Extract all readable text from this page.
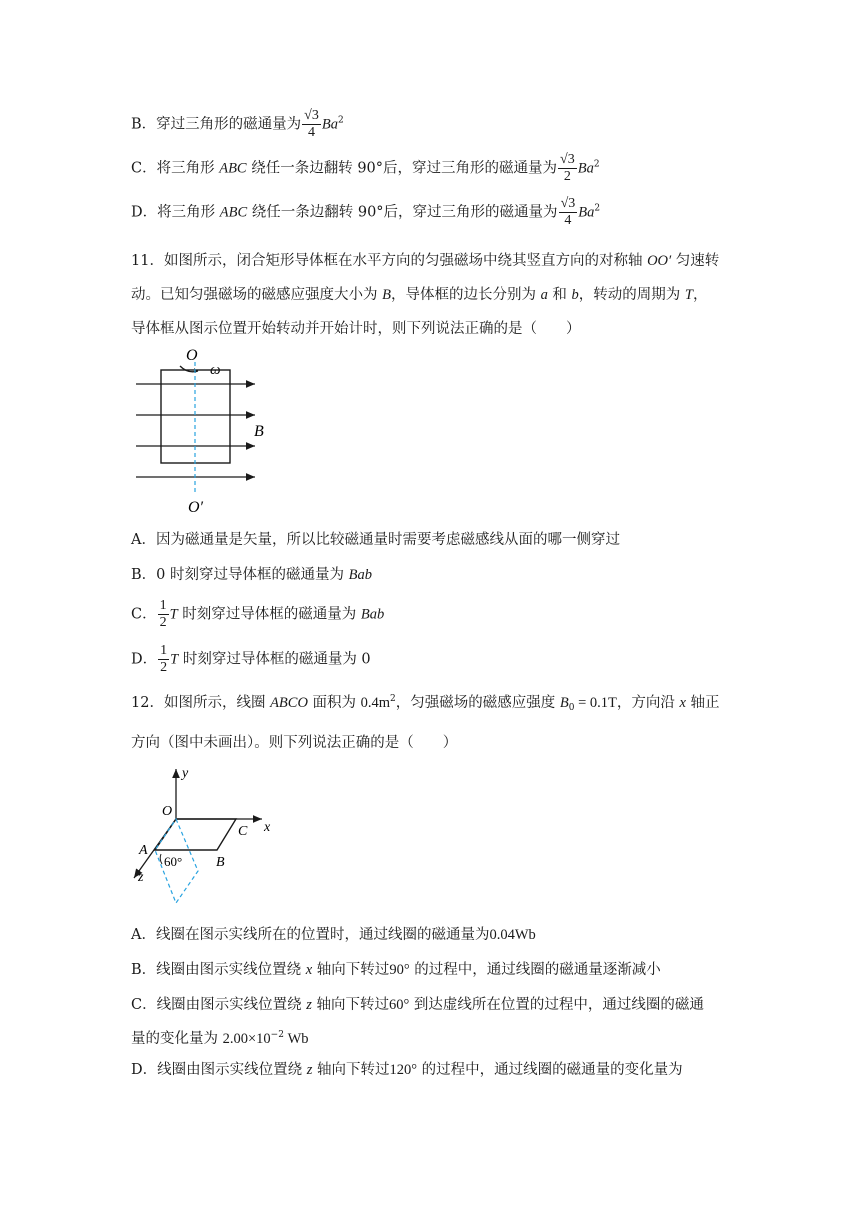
B．穿过三角形的磁通量为 $\frac{√3}{4} Ba^2$
C．将三角形 ABC 绕任一条边翻转 90°后，穿过三角形的磁通量为 $\frac{√3}{2} Ba^2$
D．将三角形 ABC 绕任一条边翻转 90°后，穿过三角形的磁通量为 $\frac{√3}{4} Ba^2$
11．如图所示，闭合矩形导体框在水平方向的匀强磁场中绕其竖直方向的对称轴 OO′ 匀速转
动。已知匀强磁场的磁感应强度大小为 B，导体框的边长分别为 a 和 b，转动的周期为 T，
导体框从图示位置开始转动并开始计时，则下列说法正确的是（　　）
O
ω
B
O′
A．因为磁通量是矢量，所以比较磁通量时需要考虑磁感线从面的哪一侧穿过
B．0 时刻穿过导体框的磁通量为 Bab
C． $\frac{1}{2}$ T 时刻穿过导体框的磁通量为 Bab
D． $\frac{1}{2}$ T 时刻穿过导体框的磁通量为 0
12．如图所示，线圈 ABCO 面积为 $0.4m^2$，匀强磁场的磁感应强度 $B_0 = 0.1T$，方向沿 x 轴正
方向（图中未画出）。则下列说法正确的是（　　）
y
x
z
60°
O
C
A
B
A．线圈在图示实线所在的位置时，通过线圈的磁通量为0.04Wb
B．线圈由图示实线位置绕 x 轴向下转过90° 的过程中，通过线圈的磁通量逐渐减小
C．线圈由图示实线位置绕 z 轴向下转过60° 到达虚线所在位置的过程中，通过线圈的磁通
量的变化量为 $2.00\times 10^{-2}$ Wb
D．线圈由图示实线位置绕 z 轴向下转过120° 的过程中，通过线圈的磁通量的变化量为
